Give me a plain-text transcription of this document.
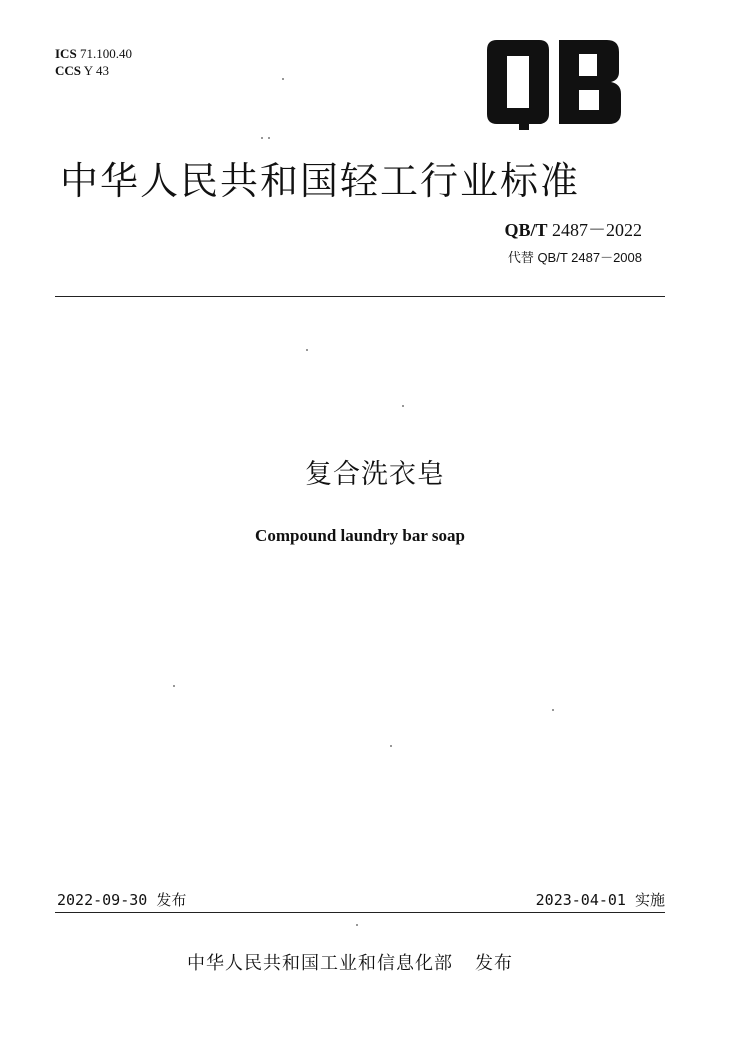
ICS 71.100.40
CCS Y 43
中华人民共和国轻工行业标准
QB/T 2487－2022
代替 QB/T 2487－2008
复合洗衣皂
Compound laundry bar soap
2022-09-30 发布	2023-04-01 实施
中华人民共和国工业和信息化部 发布
